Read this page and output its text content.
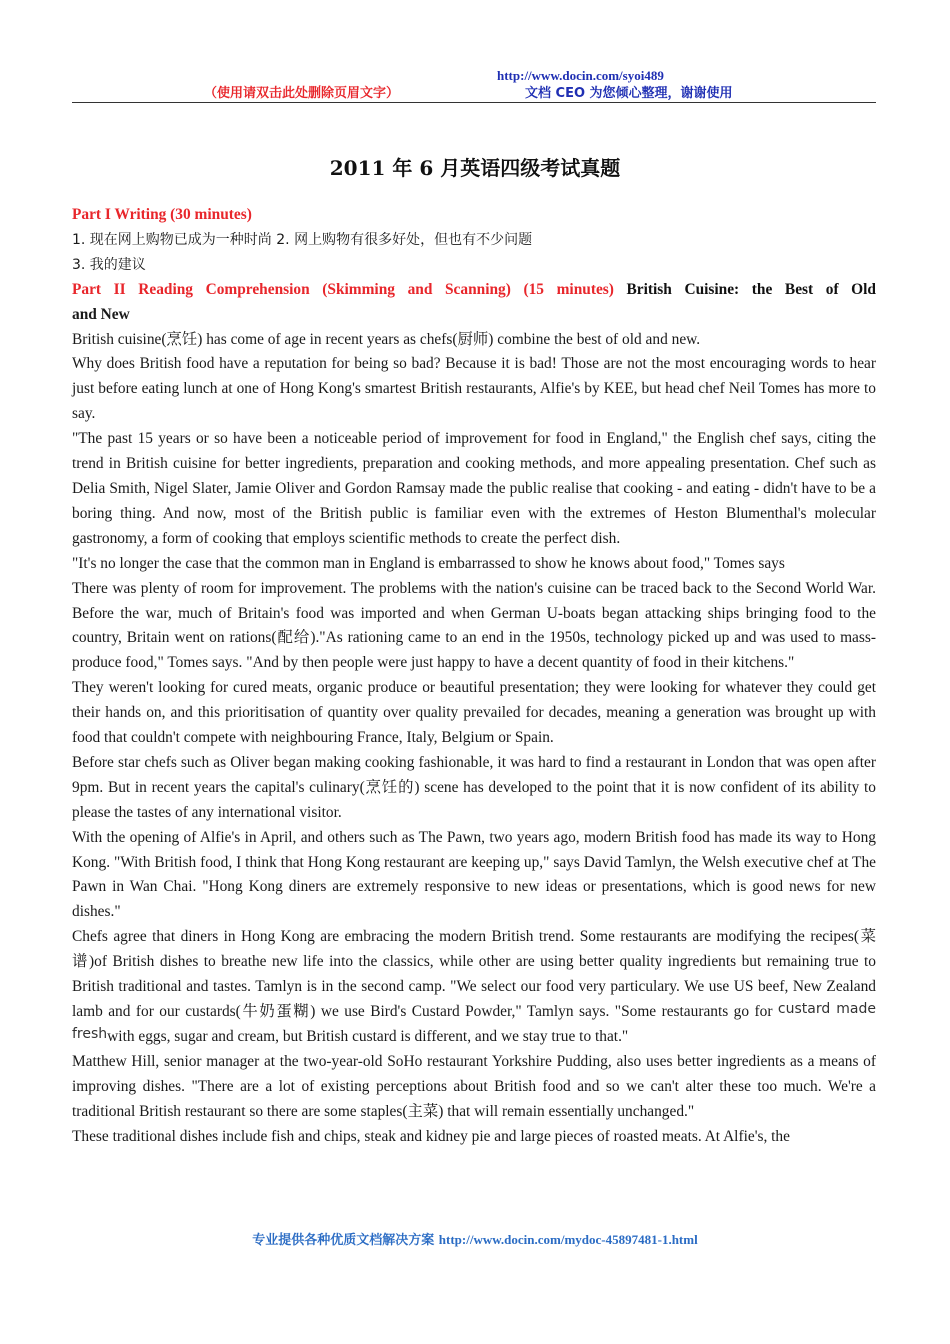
http://www.docin.com/syoi489
（使用请双击此处删除页眉文字）	文档 CEO 为您倾心整理，谢谢使用
2011 年 6 月英语四级考试真题

Part I Writing (30 minutes)

1. 现在网上购物已成为一种时尚 2. 网上购物有很多好处，但也有不少问题

3. 我的建议

Part II Reading Comprehension (Skimming and Scanning) (15 minutes) British Cuisine: the Best of Old

and New

British cuisine(烹饪) has come of age in recent years as chefs(厨师) combine the best of old and new.

Why does British food have a reputation for being so bad? Because it is bad! Those are not the most encouraging words to hear just before eating lunch at one of Hong Kong's smartest British restaurants, Alfie's by KEE, but head chef Neil Tomes has more to say.

"The past 15 years or so have been a noticeable period of improvement for food in England," the English chef says, citing the trend in British cuisine for better ingredients, preparation and cooking methods, and more appealing presentation. Chef such as Delia Smith, Nigel Slater, Jamie Oliver and Gordon Ramsay made the public realise that cooking - and eating - didn't have to be a boring thing. And now, most of the British public is familiar even with the extremes of Heston Blumenthal's molecular gastronomy, a form of cooking that employs scientific methods to create the perfect dish.

"It's no longer the case that the common man in England is embarrassed to show he knows about food," Tomes says

There was plenty of room for improvement. The problems with the nation's cuisine can be traced back to the Second World War. Before the war, much of Britain's food was imported and when German U-boats began attacking ships bringing food to the country, Britain went on rations(配给)."As rationing came to an end in the 1950s, technology picked up and was used to mass-produce food," Tomes says. "And by then people were just happy to have a decent quantity of food in their kitchens."

They weren't looking for cured meats, organic produce or beautiful presentation; they were looking for whatever they could get their hands on, and this prioritisation of quantity over quality prevailed for decades, meaning a generation was brought up with food that couldn't compete with neighbouring France, Italy, Belgium or Spain.

Before star chefs such as Oliver began making cooking fashionable, it was hard to find a restaurant in London that was open after 9pm. But in recent years the capital's culinary(烹饪的) scene has developed to the point that it is now confident of its ability to please the tastes of any international visitor.

With the opening of Alfie's in April, and others such as The Pawn, two years ago, modern British food has made its way to Hong Kong. "With British food, I think that Hong Kong restaurant are keeping up," says David Tamlyn, the Welsh executive chef at The Pawn in Wan Chai. "Hong Kong diners are extremely responsive to new ideas or presentations, which is good news for new dishes."

Chefs agree that diners in Hong Kong are embracing the modern British trend. Some restaurants are modifying the recipes(菜谱)of British dishes to breathe new life into the classics, while other are using better quality ingredients but remaining true to British traditional and tastes. Tamlyn is in the second camp. "We select our food very particulary. We use US beef, New Zealand lamb and for our custards(牛奶蛋糊) we use Bird's Custard Powder," Tamlyn says. "Some restaurants go for custard made freshwith eggs, sugar and cream, but British custard is different, and we stay true to that."

Matthew Hill, senior manager at the two-year-old SoHo restaurant Yorkshire Pudding, also uses better ingredients as a means of improving dishes. "There are a lot of existing perceptions about British food and so we can't alter these too much. We're a traditional British restaurant so there are some staples(主菜) that will remain essentially unchanged."

These traditional dishes include fish and chips, steak and kidney pie and large pieces of roasted meats. At Alfie's, the

专业提供各种优质文档解决方案 http://www.docin.com/mydoc-45897481-1.html
